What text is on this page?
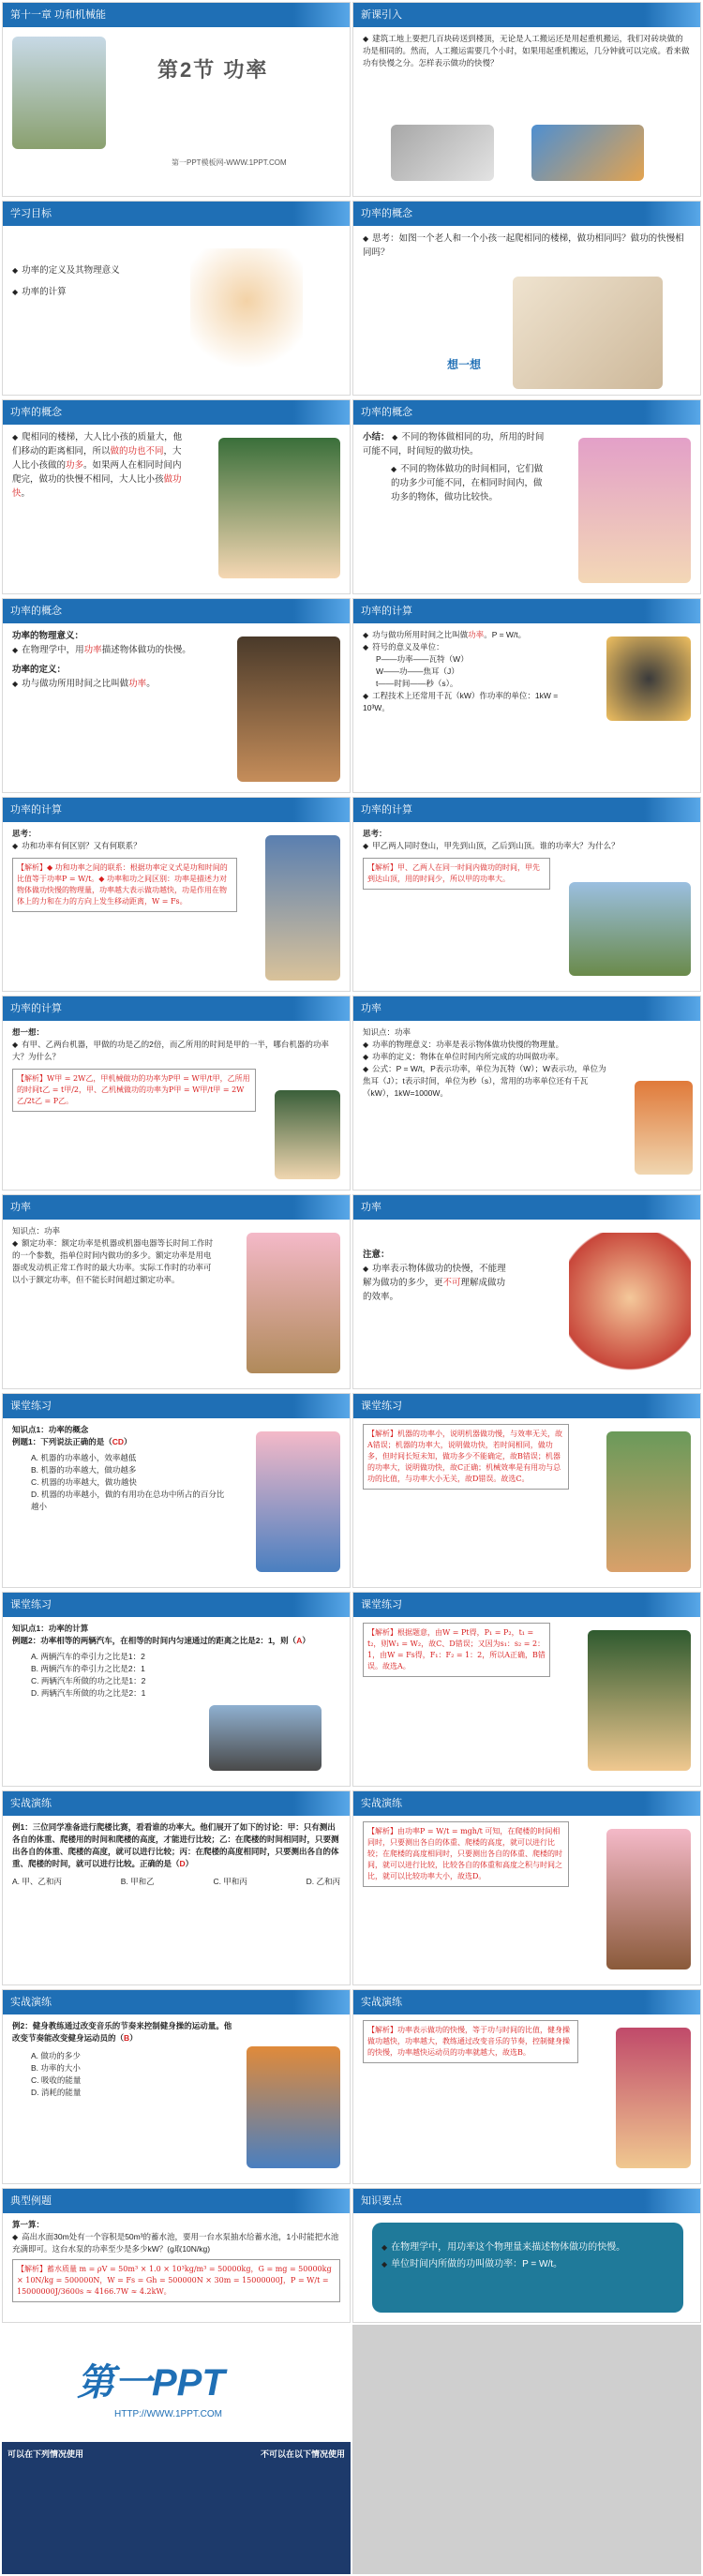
第十一章 功和机械能
第2节 功率
第一PPT模板网-WWW.1PPT.COM
新课引入
◆ 建筑工地上要把几百块砖送到楼顶，无论是人工搬运还是用起重机搬运，我们对砖块做的功是相同的。然而，人工搬运需要几个小时，如果用起重机搬运，几分钟就可以完成。看来做功有快慢之分。怎样表示做功的快慢？
学习目标
◆ 功率的定义及其物理意义
◆ 功率的计算
功率的概念
◆ 思考：如图一个老人和一个小孩一起爬相同的楼梯，做功相同吗？做功的快慢相同吗？
想一想
功率的概念
◆ 爬相同的楼梯，大人比小孩的质量大，他们移动的距离相同，所以做的功也不同，大人比小孩做的功多。如果两人在相同时间内爬完，做功的快慢不相同，大人比小孩做功快。
功率的概念
小结： ◆ 不同的物体做相同的功，所用的时间可能不同，时间短的做功快。
◆ 不同的物体做功的时间相同，它们做的功多少可能不同，在相同时间内，做功多的物体，做功比较快。
功率的概念
功率的物理意义：
◆ 在物理学中，用功率描述物体做功的快慢。
功率的定义：
◆ 功与做功所用时间之比叫做功率。
功率的计算
◆ 功与做功所用时间之比叫做功率。P = W/t。
◆ 符号的意义及单位：
P——功率——瓦特（W）
W——功——焦耳（J）
t——时间——秒（s）。
◆ 工程技术上还常用千瓦（kW）作功率的单位：1kW = 10³W。
功率的计算
思考：
◆ 功和功率有何区别？又有何联系？
【解析】◆ 功和功率之间的联系：根据功率定义式是功和时间的比值等于功率P = W/t。◆ 功率和功之间区别：功率是描述力对物体做功快慢的物理量，功率越大表示做功越快，功是作用在物体上的力和在力的方向上发生移动距离，W = Fs。
功率的计算
思考：
◆ 甲乙两人同时登山，甲先到山顶，乙后到山顶。谁的功率大？为什么？
【解析】甲、乙两人在同一时间内做功的时间，甲先到达山顶，用的时间少，所以甲的功率大。
功率的计算
想一想：
◆ 有甲、乙两台机器，甲做的功是乙的2倍，而乙所用的时间是甲的一半，哪台机器的功率大？为什么？
【解析】W甲 = 2W乙，甲机械做功的功率为P甲 = W甲/t甲，乙所用的时间t乙 = t甲/2，甲、乙机械做功的功率为P甲 = W甲/t甲 = 2W乙/2t乙 = P乙。
功率
知识点：功率
◆ 功率的物理意义：功率是表示物体做功快慢的物理量。
◆ 功率的定义：物体在单位时间内所完成的功叫做功率。
◆ 公式：P = W/t，P表示功率，单位为瓦特（W）；W表示功，单位为焦耳（J）；t表示时间，单位为秒（s），常用的功率单位还有千瓦（kW），1kW=1000W。
功率
知识点：功率
◆ 额定功率：额定功率是机器或机器电器等长时间工作时的一个参数，指单位时间内做功的多少。额定功率是用电器或发动机正常工作时的最大功率。实际工作时的功率可以小于额定功率，但不能长时间超过额定功率。
功率
注意：
◆ 功率表示物体做功的快慢，不能理解为做功的多少，更不可理解成做功的效率。
课堂练习
知识点1：功率的概念
例题1：下列说法正确的是（CD）
A. 机器的功率越小，效率越低
B. 机器的功率越大，做功越多
C. 机器的功率越大，做功越快
D. 机器的功率越小，做的有用功在总功中所占的百分比越小
课堂练习
【解析】机器的功率小，说明机器做功慢，与效率无关，故A错误；机器的功率大，说明做功快，若时间相同，做功多，但时间长短未知，做功多少不能确定，故B错误；机器的功率大，说明做功快，故C正确；机械效率是有用功与总功的比值，与功率大小无关，故D错误。故选C。
课堂练习
知识点1：功率的计算
例题2：功率相等的两辆汽车，在相等的时间内匀速通过的距离之比是2：1，则（A）
A. 两辆汽车的牵引力之比是1：2
B. 两辆汽车的牵引力之比是2：1
C. 两辆汽车所做的功之比是1：2
D. 两辆汽车所做的功之比是2：1
课堂练习
【解析】根据题意，由W = Pt得，P₁ = P₂，t₁ = t₂，则W₁ = W₂，故C、D错误；又因为s₁：s₂ = 2：1，由W = Fs得，F₁：F₂ = 1：2，所以A正确，B错误。故选A。
实战演练
例1：三位同学准备进行爬楼比赛，看看谁的功率大。他们展开了如下的讨论：甲：只有测出各自的体重、爬楼用的时间和爬楼的高度，才能进行比较；乙：在爬楼的时间相同时，只要测出各自的体重、爬楼的高度，就可以进行比较；丙：在爬楼的高度相同时，只要测出各自的体重、爬楼的时间，就可以进行比较。正确的是（D）
A. 甲、乙和丙	B. 甲和乙	C. 甲和丙	D. 乙和丙
实战演练
【解析】由功率P = W/t = mgh/t 可知，在爬楼的时间相同时，只要测出各自的体重、爬楼的高度，就可以进行比较；在爬楼的高度相同时，只要测出各自的体重、爬楼的时间，就可以进行比较，比较各自的体重和高度之积与时间之比，就可以比较功率大小，故选D。
实战演练
例2：健身教练通过改变音乐的节奏来控制健身操的运动量。他改变节奏能改变健身运动员的（B）
A. 做功的多少
B. 功率的大小
C. 吸收的能量
D. 消耗的能量
实战演练
【解析】功率表示做功的快慢，等于功与时间的比值，健身操做功越快，功率越大，教练通过改变音乐的节奏，控制健身操的快慢，功率越快运动员的功率就越大，故选B。
典型例题
算一算：
◆ 高出水面30m处有一个容积是50m³的蓄水池，要用一台水泵抽水给蓄水池，1小时能把水池充满即可。这台水泵的功率至少是多少kW？(g取10N/kg)
【解析】蓄水质量 m = ρV = 50m³ × 1.0 × 10³kg/m³ = 50000kg，G = mg = 50000kg × 10N/kg = 500000N，W = Fs = Gh = 500000N × 30m = 15000000J，P = W/t = 15000000J/3600s ≈ 4166.7W ≈ 4.2kW。
知识要点
◆ 在物理学中，用功率这个物理量来描述物体做功的快慢。
◆ 单位时间内所做的功叫做功率：P = W/t。
第一PPT
HTTP://WWW.1PPT.COM
可以在下列情况使用	不可以在以下情况使用
